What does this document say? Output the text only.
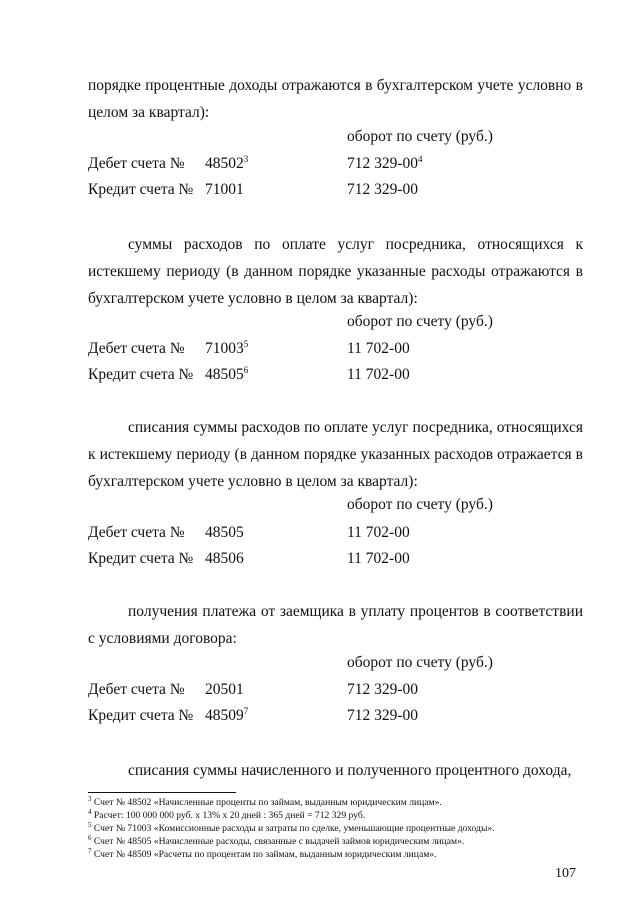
порядке процентные доходы отражаются в бухгалтерском учете условно в целом за квартал):
оборот по счету (руб.)
Дебет счета № 48502$^3$	712 $329-00^4$
Кредит счета № 71001	712 329-00
суммы расходов по оплате услуг посредника, относящихся к истекшему периоду (в данном порядке указанные расходы отражаются в бухгалтерском учете условно в целом за квартал):
оборот по счету (руб.)
Дебет счета № 71003$^5$	11 702-00
Кредит счета № 48505$^6$	11 702-00
списания суммы расходов по оплате услуг посредника, относящихся к истекшему периоду (в данном порядке указанных расходов отражается в бухгалтерском учете условно в целом за квартал):
оборот по счету (руб.)
Дебет счета № 48505	11 702-00
Кредит счета № 48506	11 702-00
получения платежа от заемщика в уплату процентов в соответствии с условиями договора:
оборот по счету (руб.)
Дебет счета № 20501	712 329-00
Кредит счета № 48509$^7$	712 329-00
списания суммы начисленного и полученного процентного дохода,
$^3$ Счет № 48502 «Начисленные проценты по займам, выданным юридическим лицам».
$^4$ Расчет: 100 000 000 руб. х 13% х 20 дней : 365 дней = 712 329 руб.
$^5$ Счет № 71003 «Комиссионные расходы и затраты по сделке, уменьшающие процентные доходы».
$^6$ Счет № 48505 «Начисленные расходы, связанные с выдачей займов юридическим лицам».
$^7$ Счет № 48509 «Расчеты по процентам по займам, выданным юридическим лицам».
107
